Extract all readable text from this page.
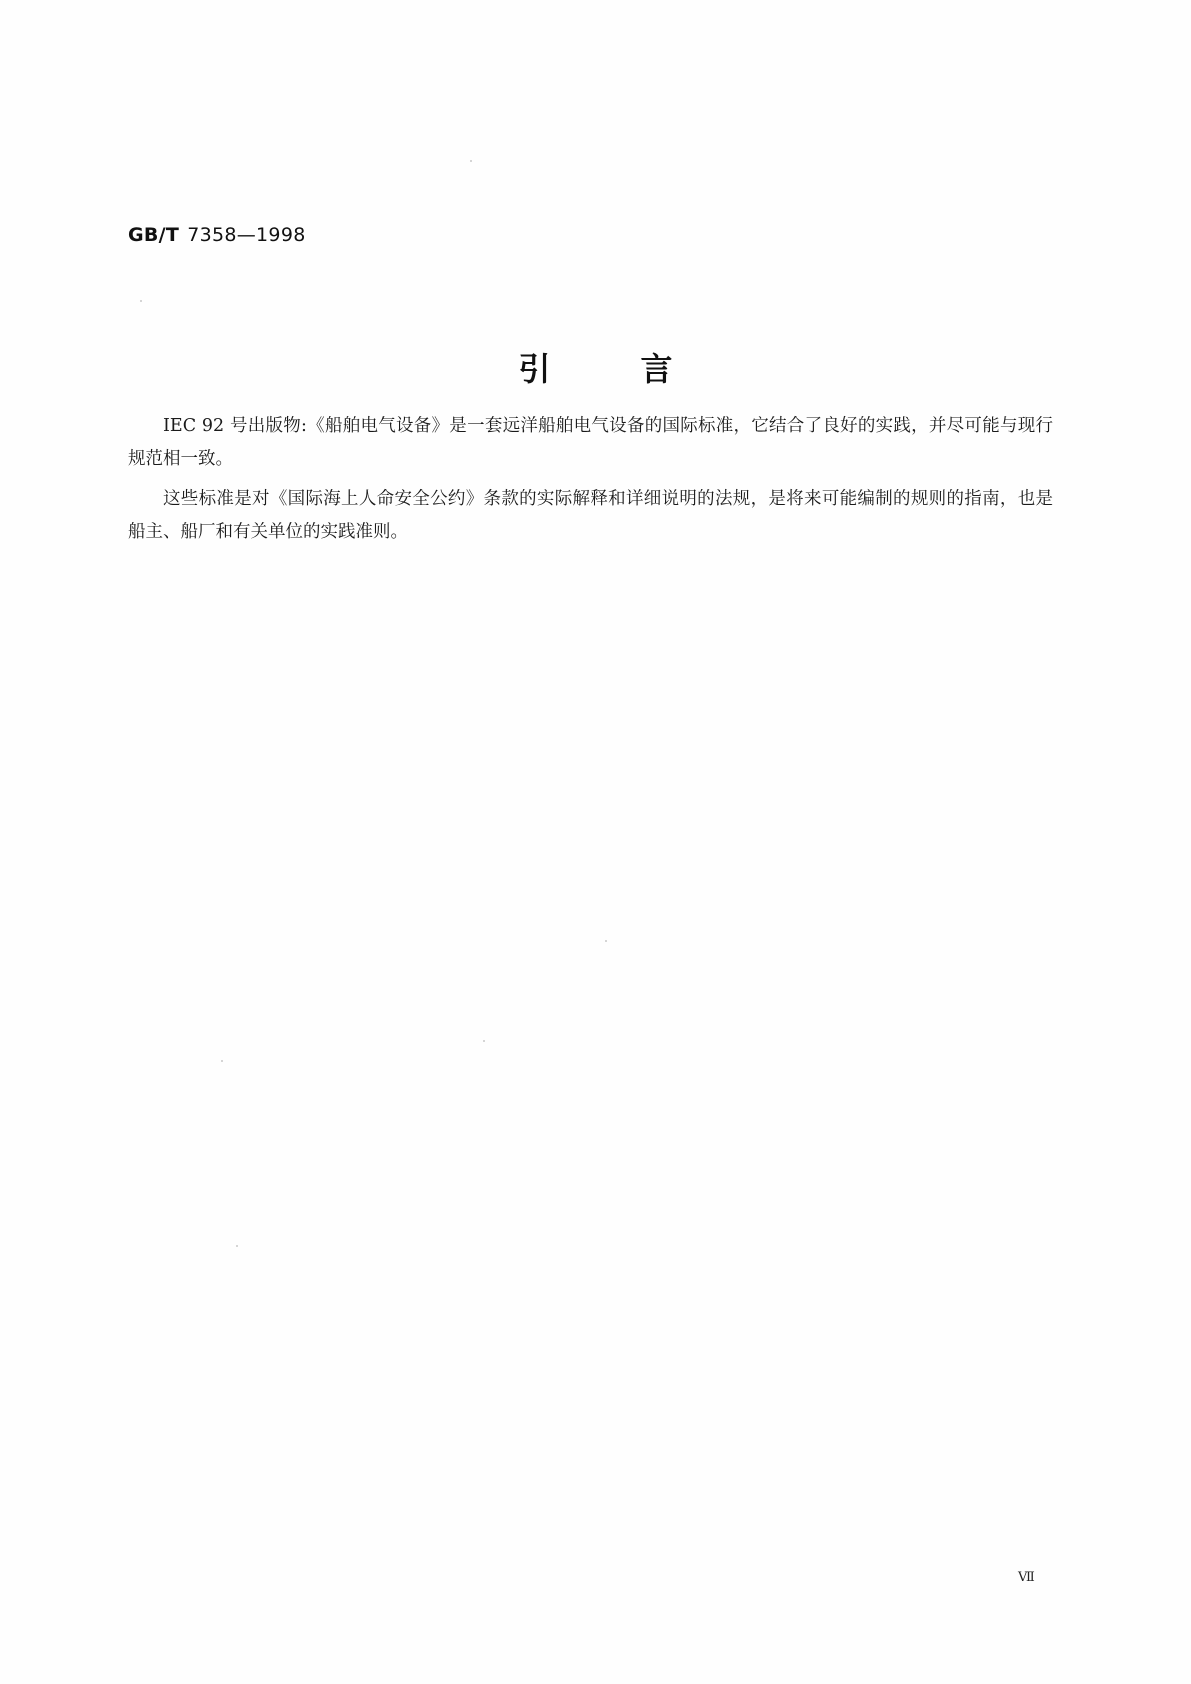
GB/T 7358—1998
引言

IEC 92 号出版物:《船舶电气设备》是一套远洋船舶电气设备的国际标准，它结合了良好的实践，并尽可能与现行规范相一致。

这些标准是对《国际海上人命安全公约》条款的实际解释和详细说明的法规，是将来可能编制的规则的指南，也是船主、船厂和有关单位的实践准则。

Ⅶ
